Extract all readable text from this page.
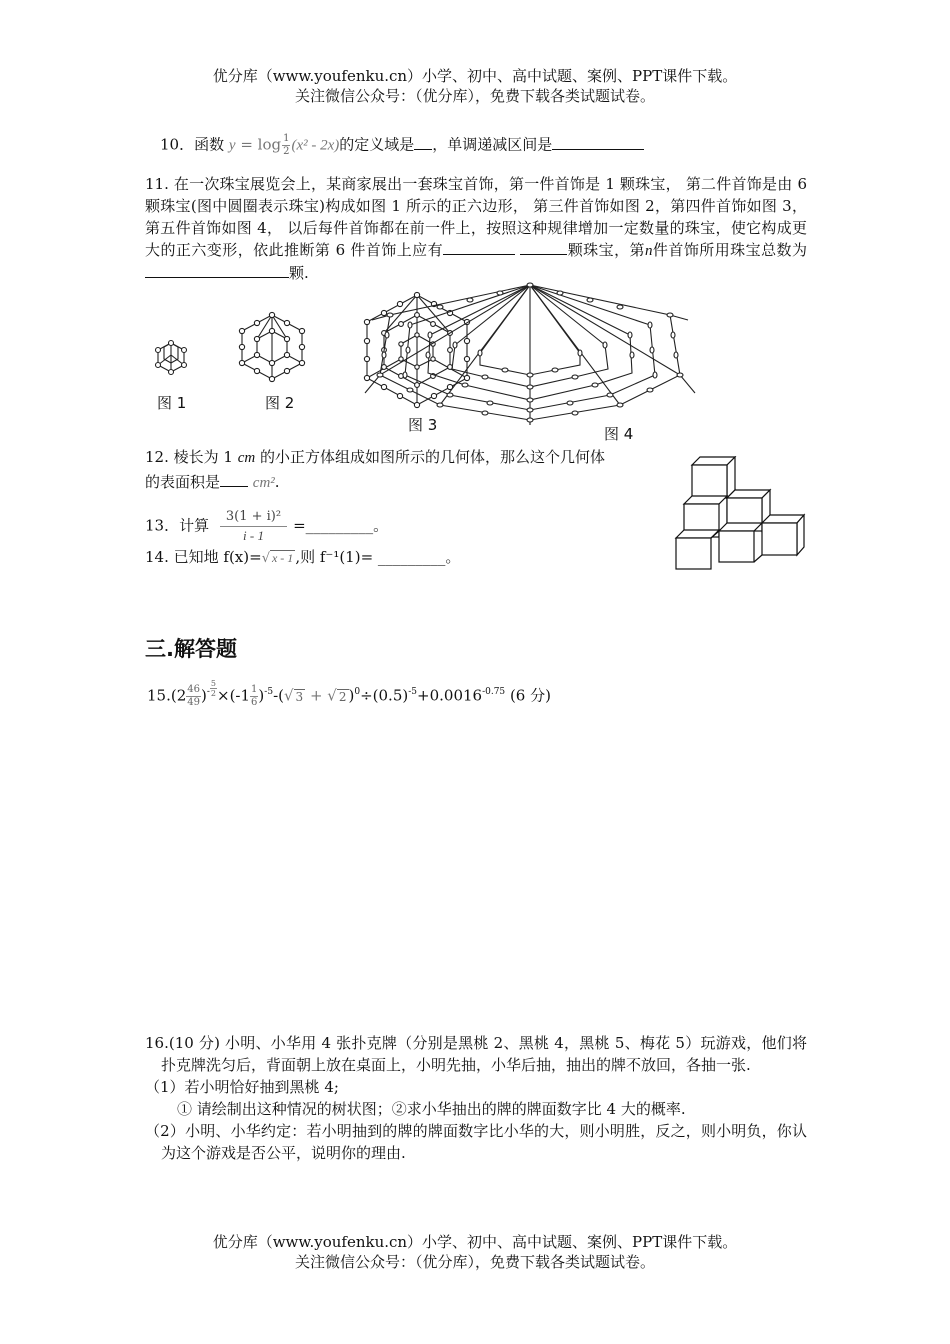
优分库（www.youfenku.cn）小学、初中、高中试题、案例、PPT课件下载。
关注微信公众号：（优分库），免费下载各类试题试卷。
10．函数 $y = \log \frac{1}{2} (x^2 - 2x)$的定义域是 ，单调递减区间是
11. 在一次珠宝展览会上，某商家展出一套珠宝首饰，第一件首饰是 1 颗珠宝， 第二件首饰是由 6 颗珠宝(图中圆圈表示珠宝)构成如图 1 所示的正六边形， 第三件首饰如图 2，第四件首饰如图 3， 第五件首饰如图 4， 以后每件首饰都在前一件上，按照这种规律增加一定数量的珠宝，使它构成更大的正六变形，依此推断第 6 件首饰上应有	颗珠宝，第n件首饰所用珠宝总数为颗.
图 1	图 2
图 3	图 4
12. 棱长为 1 cm 的小正方体组成如图所示的几何体，那么这个几何体
的表面积是 cm².
13．计算 $\frac{\text{3(1 + i)²}}{i - 1}$ =_________。
14. 已知地 f(x)=√ x - 1 ,则 f⁻¹(1)= _________。
三.解答题
$15.(2 \frac{46}{49} )^- \frac{5}{2} \times(-1 \frac{1}{6} )^{-5}-(√$ 3 + √ 2 )$^0\div(0.5)^{-5}+0.0016^{-0.75}$ (6 分)
16.(10 分) 小明、小华用 4 张扑克牌（分别是黑桃 2、黑桃 4，黑桃 5、梅花 5）玩游戏，他们将扑克牌洗匀后，背面朝上放在桌面上，小明先抽，小华后抽，抽出的牌不放回，各抽一张.
（1）若小明恰好抽到黑桃 4;
① 请绘制出这种情况的树状图；②求小华抽出的牌的牌面数字比 4 大的概率.
（2）小明、小华约定：若小明抽到的牌的牌面数字比小华的大，则小明胜，反之，则小明负，你认为这个游戏是否公平，说明你的理由.
优分库（www.youfenku.cn）小学、初中、高中试题、案例、PPT课件下载。
关注微信公众号：（优分库），免费下载各类试题试卷。
